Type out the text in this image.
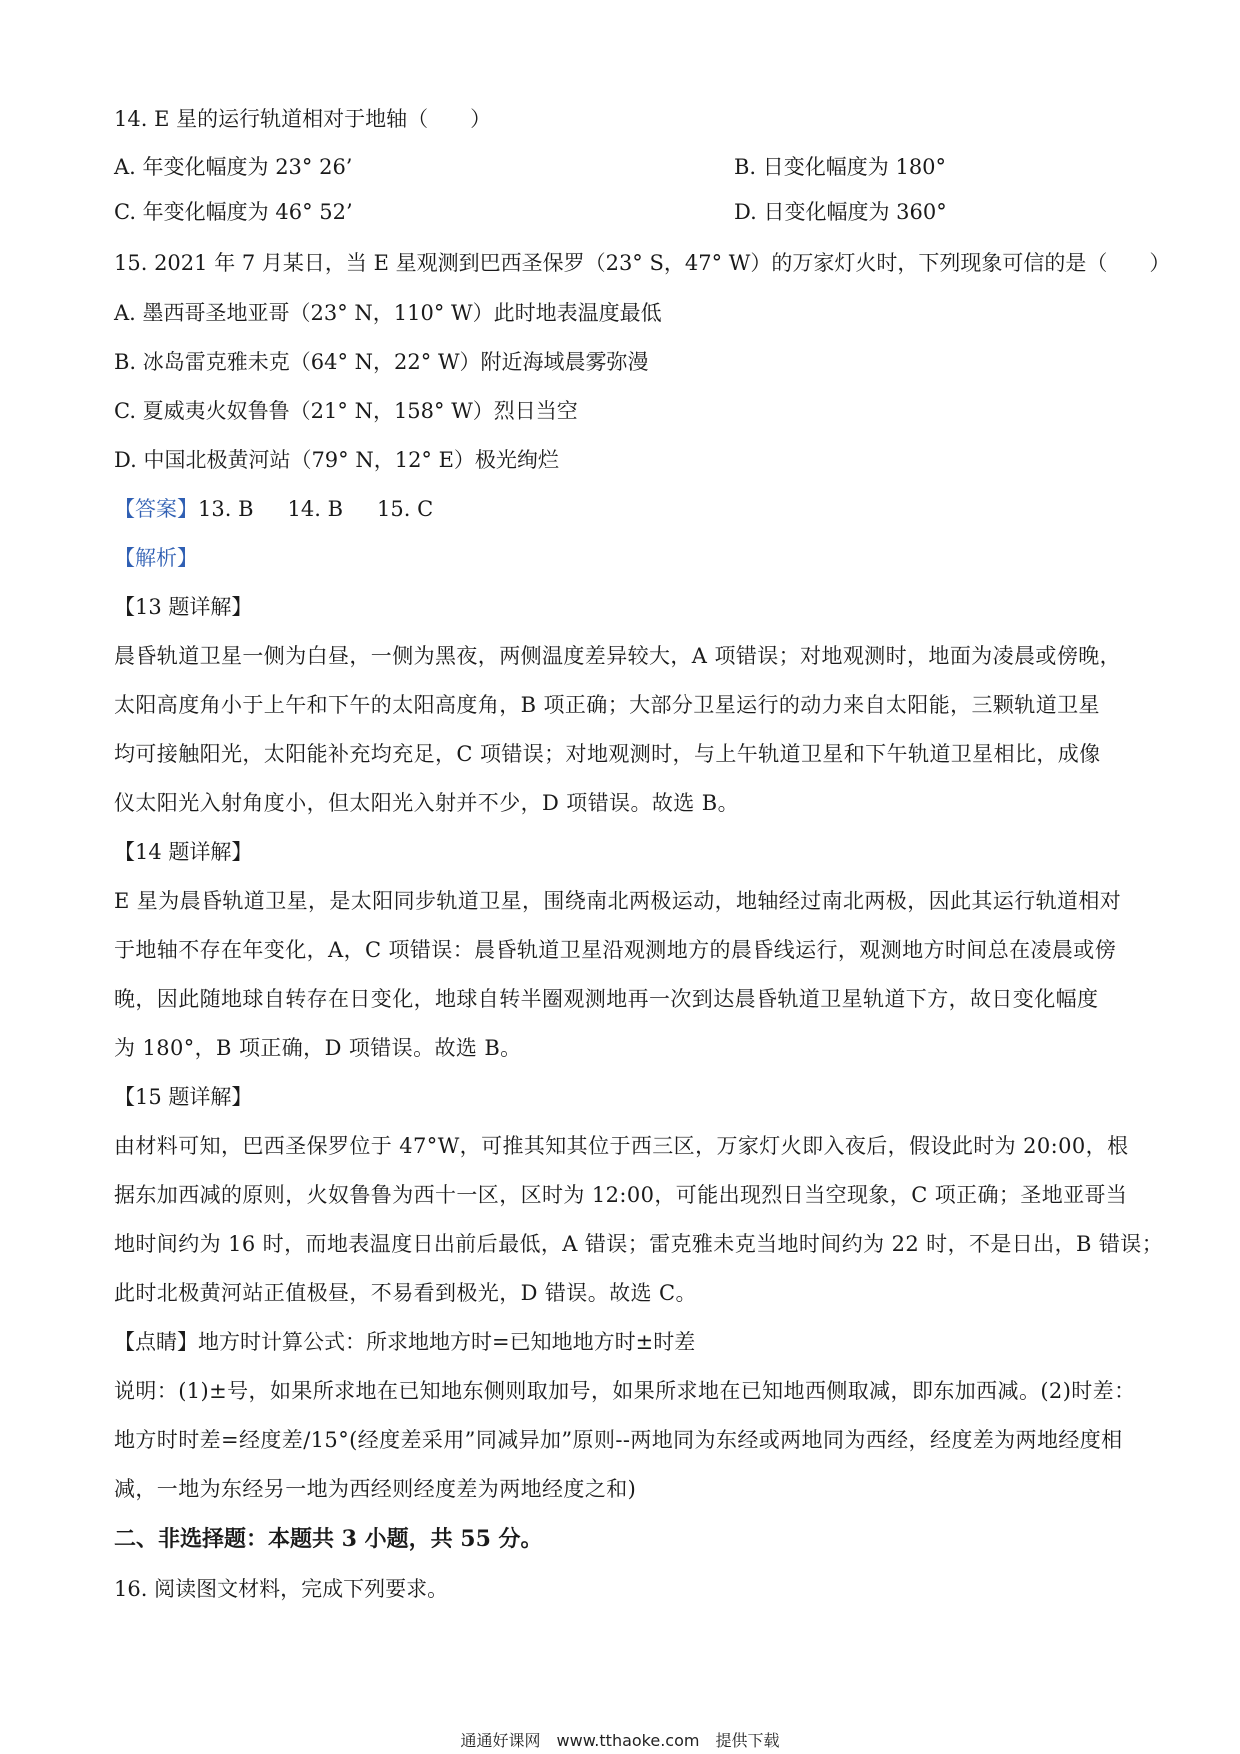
14. E 星的运行轨道相对于地轴（　　）
A. 年变化幅度为 23° 26’	B. 日变化幅度为 180°
C. 年变化幅度为 46° 52’	D. 日变化幅度为 360°
15. 2021 年 7 月某日，当 E 星观测到巴西圣保罗（23° S，47° W）的万家灯火时，下列现象可信的是（　　）
A. 墨西哥圣地亚哥（23° N，110° W）此时地表温度最低
B. 冰岛雷克雅未克（64° N，22° W）附近海域晨雾弥漫
C. 夏威夷火奴鲁鲁（21° N，158° W）烈日当空
D. 中国北极黄河站（79° N，12° E）极光绚烂
【答案】13. B 14. B 15. C
【解析】
【13 题详解】
晨昏轨道卫星一侧为白昼，一侧为黑夜，两侧温度差异较大，A 项错误；对地观测时，地面为凌晨或傍晚，
太阳高度角小于上午和下午的太阳高度角，B 项正确；大部分卫星运行的动力来自太阳能，三颗轨道卫星
均可接触阳光，太阳能补充均充足，C 项错误；对地观测时，与上午轨道卫星和下午轨道卫星相比，成像
仪太阳光入射角度小，但太阳光入射并不少，D 项错误。故选 B。
【14 题详解】
E 星为晨昏轨道卫星，是太阳同步轨道卫星，围绕南北两极运动，地轴经过南北两极，因此其运行轨道相对
于地轴不存在年变化，A，C 项错误：晨昏轨道卫星沿观测地方的晨昏线运行，观测地方时间总在凌晨或傍
晚，因此随地球自转存在日变化，地球自转半圈观测地再一次到达晨昏轨道卫星轨道下方，故日变化幅度
为 180°，B 项正确，D 项错误。故选 B。
【15 题详解】
由材料可知，巴西圣保罗位于 47°W，可推其知其位于西三区，万家灯火即入夜后，假设此时为 20:00，根
据东加西减的原则，火奴鲁鲁为西十一区，区时为 12:00，可能出现烈日当空现象，C 项正确；圣地亚哥当
地时间约为 16 时，而地表温度日出前后最低，A 错误；雷克雅未克当地时间约为 22 时，不是日出，B 错误；
此时北极黄河站正值极昼，不易看到极光，D 错误。故选 C。
【点睛】地方时计算公式：所求地地方时=已知地地方时±时差
说明：(1)±号，如果所求地在已知地东侧则取加号，如果所求地在已知地西侧取减，即东加西减。(2)时差：
地方时时差=经度差/15°(经度差采用”同减异加”原则--两地同为东经或两地同为西经，经度差为两地经度相
减，一地为东经另一地为西经则经度差为两地经度之和)
二、非选择题：本题共 3 小题，共 55 分。
16. 阅读图文材料，完成下列要求。
通通好课网　www.tthaoke.com　提供下载
